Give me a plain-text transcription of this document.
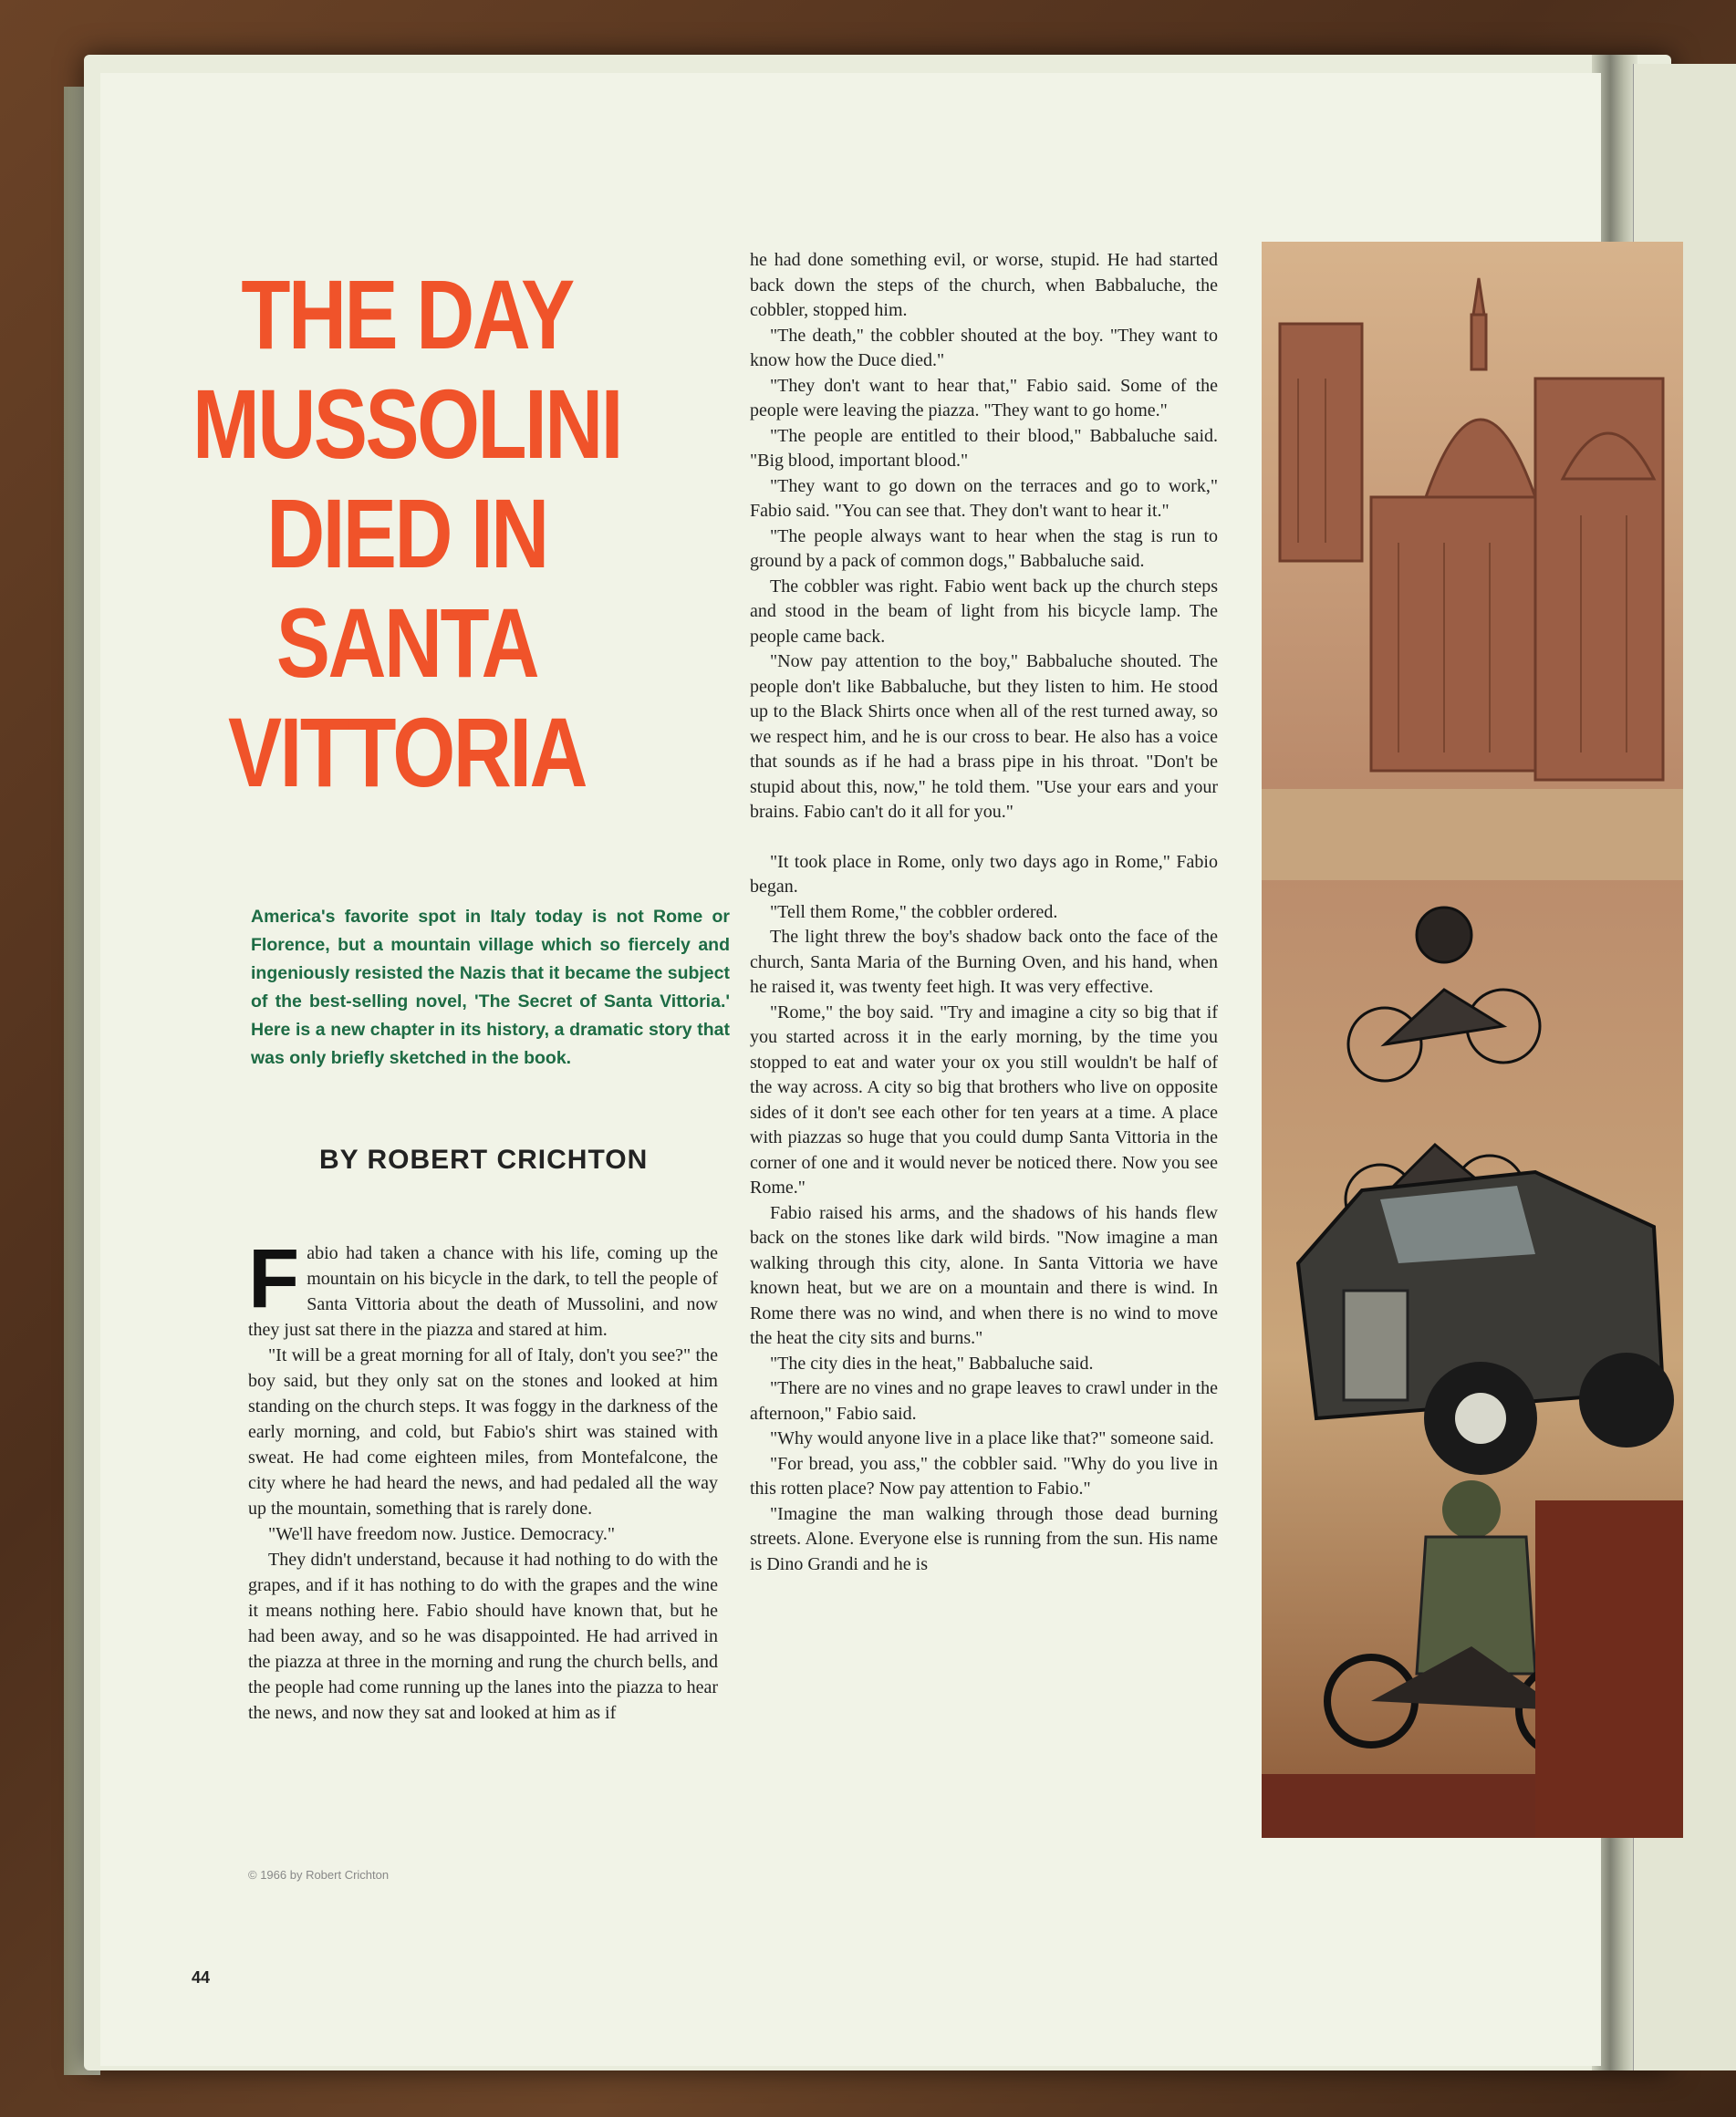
THE DAY
MUSSOLINI
DIED IN
SANTA
VITTORIA
America's favorite spot in Italy today is not Rome or Florence, but a mountain village which so fiercely and ingeniously resisted the Nazis that it became the subject of the best-selling novel, 'The Secret of Santa Vittoria.' Here is a new chapter in its history, a dramatic story that was only briefly sketched in the book.
BY ROBERT CRICHTON

Fabio had taken a chance with his life, coming up the mountain on his bicycle in the dark, to tell the people of Santa Vittoria about the death of Mussolini, and now they just sat there in the piazza and stared at him.

"It will be a great morning for all of Italy, don't you see?" the boy said, but they only sat on the stones and looked at him standing on the church steps. It was foggy in the darkness of the early morning, and cold, but Fabio's shirt was stained with sweat. He had come eighteen miles, from Montefalcone, the city where he had heard the news, and had pedaled all the way up the mountain, something that is rarely done.

"We'll have freedom now. Justice. Democracy."

They didn't understand, because it had nothing to do with the grapes, and if it has nothing to do with the grapes and the wine it means nothing here. Fabio should have known that, but he had been away, and so he was disappointed. He had arrived in the piazza at three in the morning and rung the church bells, and the people had come running up the lanes into the piazza to hear the news, and now they sat and looked at him as if

he had done something evil, or worse, stupid. He had started back down the steps of the church, when Babbaluche, the cobbler, stopped him.

"The death," the cobbler shouted at the boy. "They want to know how the Duce died."

"They don't want to hear that," Fabio said. Some of the people were leaving the piazza. "They want to go home."

"The people are entitled to their blood," Babbaluche said. "Big blood, important blood."

"They want to go down on the terraces and go to work," Fabio said. "You can see that. They don't want to hear it."

"The people always want to hear when the stag is run to ground by a pack of common dogs," Babbaluche said.

The cobbler was right. Fabio went back up the church steps and stood in the beam of light from his bicycle lamp. The people came back.

"Now pay attention to the boy," Babbaluche shouted. The people don't like Babbaluche, but they listen to him. He stood up to the Black Shirts once when all of the rest turned away, so we respect him, and he is our cross to bear. He also has a voice that sounds as if he had a brass pipe in his throat. "Don't be stupid about this, now," he told them. "Use your ears and your brains. Fabio can't do it all for you."

"It took place in Rome, only two days ago in Rome," Fabio began.

"Tell them Rome," the cobbler ordered.

The light threw the boy's shadow back onto the face of the church, Santa Maria of the Burning Oven, and his hand, when he raised it, was twenty feet high. It was very effective.

"Rome," the boy said. "Try and imagine a city so big that if you started across it in the early morning, by the time you stopped to eat and water your ox you still wouldn't be half of the way across. A city so big that brothers who live on opposite sides of it don't see each other for ten years at a time. A place with piazzas so huge that you could dump Santa Vittoria in the corner of one and it would never be noticed there. Now you see Rome."

Fabio raised his arms, and the shadows of his hands flew back on the stones like dark wild birds. "Now imagine a man walking through this city, alone. In Santa Vittoria we have known heat, but we are on a mountain and there is wind. In Rome there was no wind, and when there is no wind to move the heat the city sits and burns."

"The city dies in the heat," Babbaluche said.

"There are no vines and no grape leaves to crawl under in the afternoon," Fabio said.

"Why would anyone live in a place like that?" someone said.

"For bread, you ass," the cobbler said. "Why do you live in this rotten place? Now pay attention to Fabio."

"Imagine the man walking through those dead burning streets. Alone. Everyone else is running from the sun. His name is Dino Grandi and he is

© 1966 by Robert Crichton
44
